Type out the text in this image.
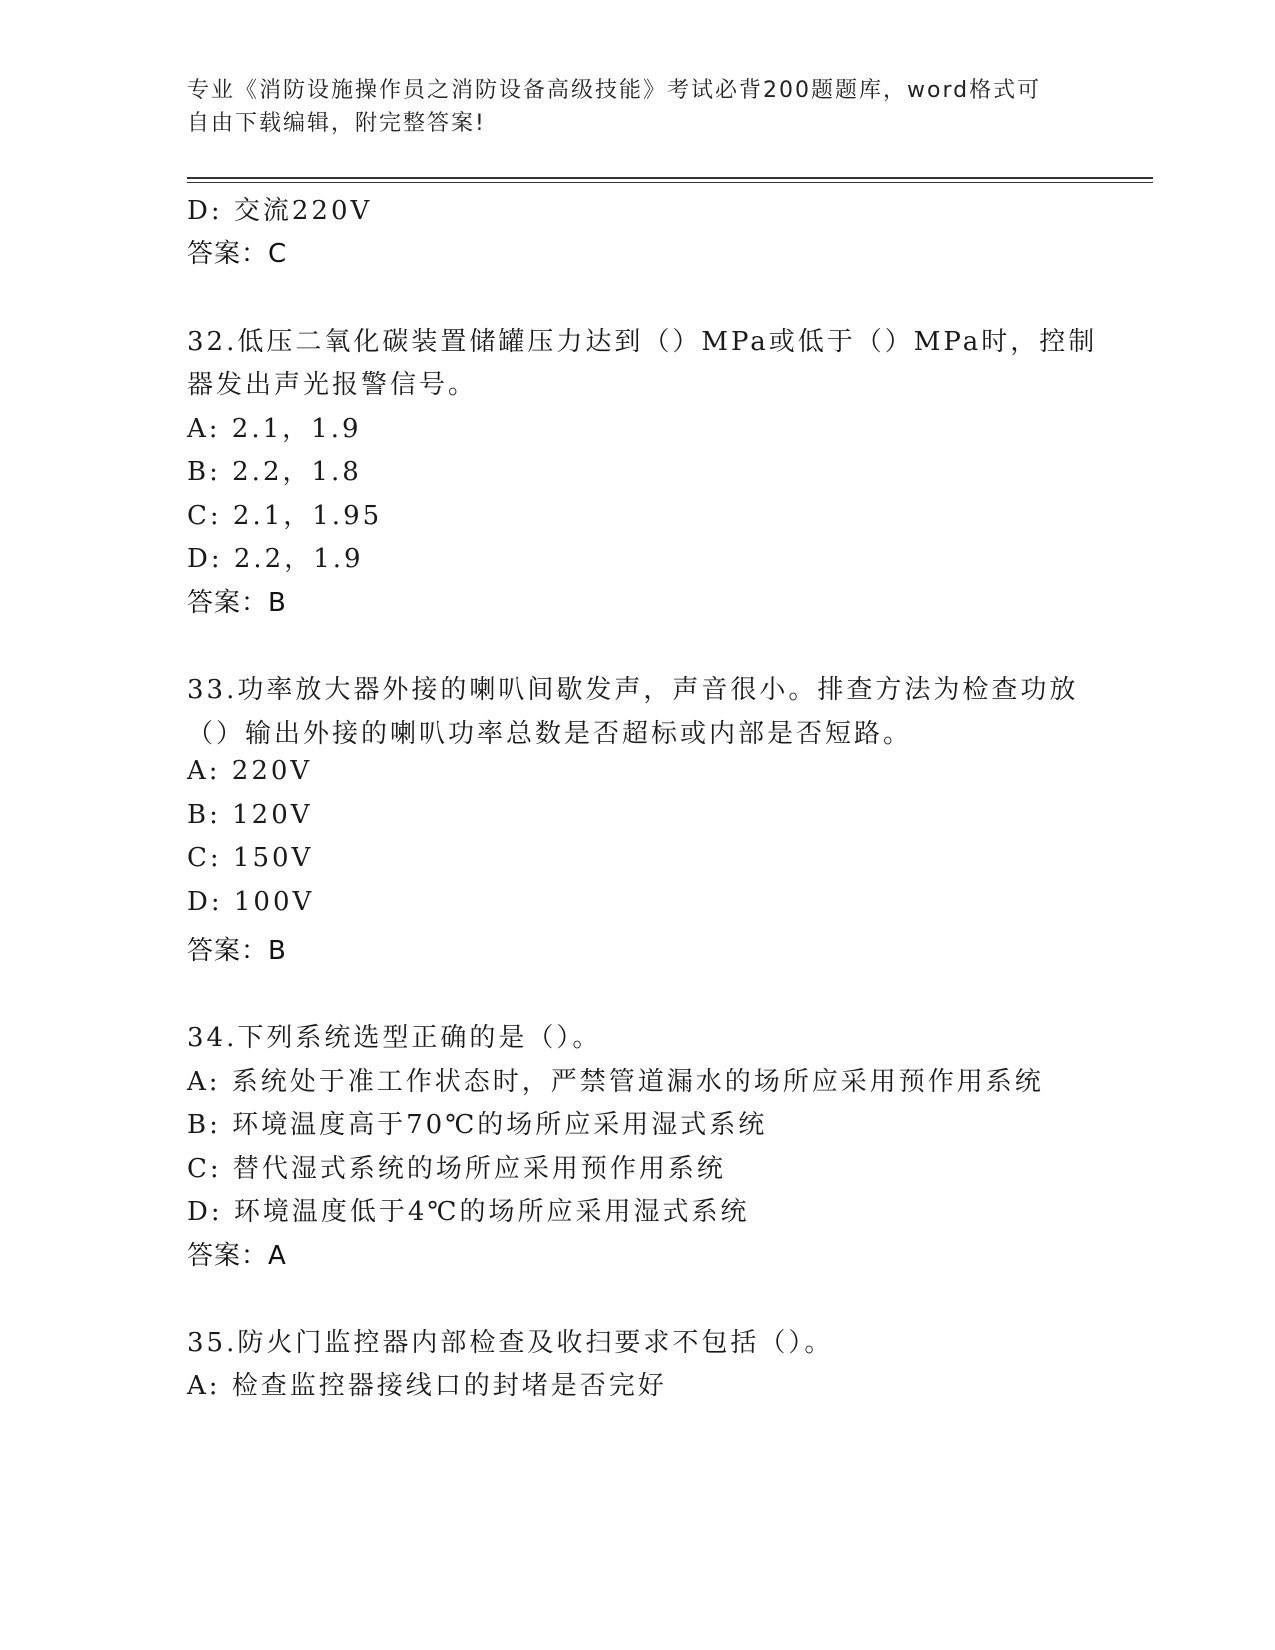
专业《消防设施操作员之消防设备高级技能》考试必背200题题库，word格式可
自由下载编辑，附完整答案!
D: 交流220V
答案：C
32.低压二氧化碳装置储罐压力达到（）MPa或低于（）MPa时，控制
器发出声光报警信号。
A: 2.1，1.9
B: 2.2，1.8
C: 2.1，1.95
D: 2.2，1.9
答案：B
33.功率放大器外接的喇叭间歇发声，声音很小。排查方法为检查功放
（）输出外接的喇叭功率总数是否超标或内部是否短路。
A: 220V
B: 120V
C: 150V
D: 100V
答案：B
34.下列系统选型正确的是（）。
A: 系统处于准工作状态时，严禁管道漏水的场所应采用预作用系统
B: 环境温度高于70℃的场所应采用湿式系统
C: 替代湿式系统的场所应采用预作用系统
D: 环境温度低于4℃的场所应采用湿式系统
答案：A
35.防火门监控器内部检查及收扫要求不包括（）。
A: 检查监控器接线口的封堵是否完好
